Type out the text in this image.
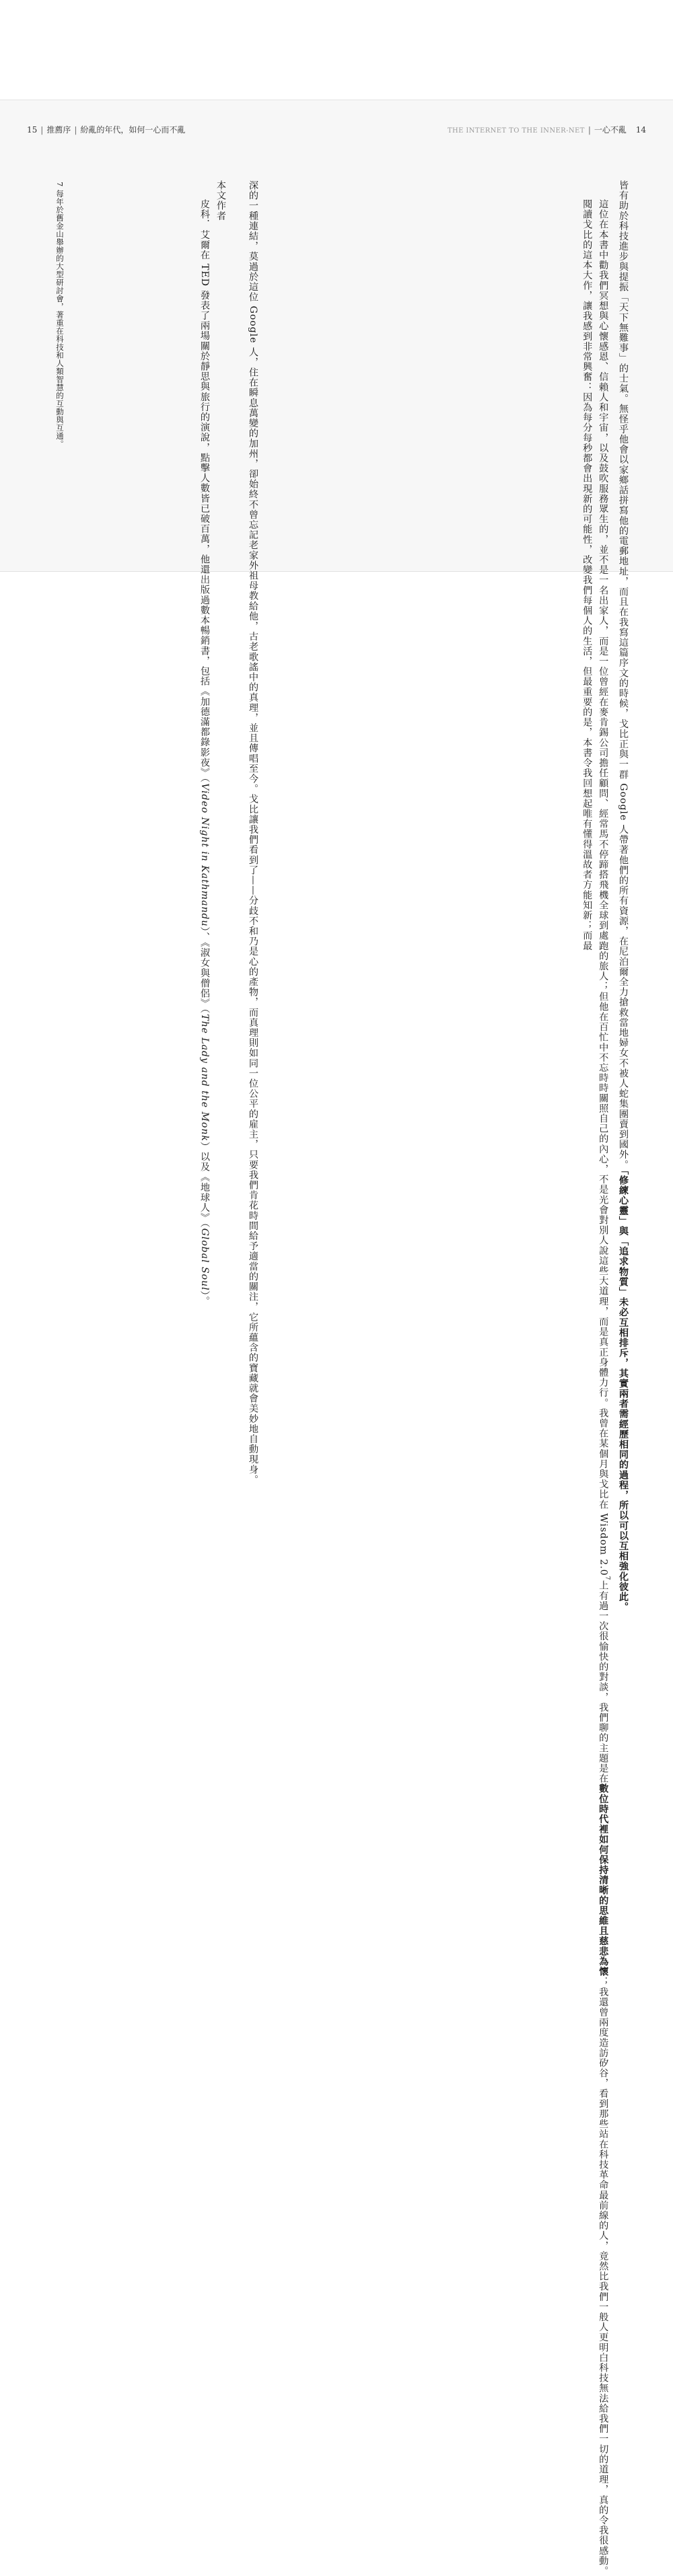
15 | 推薦序 | 紛亂的年代，如何一心而不亂	THE INTERNET TO THE INNER-NET | 一心不亂 14

皆有助於科技進步與提振「天下無難事」的士氣。無怪乎他會以家鄉話拼寫他的電郵地址，而且在我寫這篇序文的時候，戈比正與一群 Google 人帶著他們的所有資源，在尼泊爾全力搶救當地婦女不被人蛇集團賣到國外。「修練心靈」與「追求物質」未必互相排斥，其實兩者需經歷相同的過程，所以可以互相強化彼此。

這位在本書中勸我們冥想與心懷感恩、信賴人和宇宙，以及鼓吹服務眾生的，並不是一名出家人，而是一位曾經在麥肯錫公司擔任顧問、經常馬不停蹄搭飛機全球到處跑的旅人；但他在百忙中不忘時時關照自己的內心，不是光會對別人說這些大道理，而是真正身體力行。我曾在某個月與戈比在 Wisdom $2.0^7$上有過一次很愉快的對談，我們聊的主題是在數位時代裡如何保持清晰的思維且慈悲為懷；我還曾兩度造訪矽谷，看到那些站在科技革命最前線的人，竟然比我們一般人更明白科技無法給我們一切的道理，真的令我很感動。

閱讀戈比的這本大作，讓我感到非常興奮：因為每分每秒都會出現新的可能性，改變我們每個人的生活，但最重要的是，本書令我回想起唯有懂得溫故者方能知新；而最

深的一種連結，莫過於這位 Google 人，住在瞬息萬變的加州，卻始終不曾忘記老家外祖母教給他，古老歌謠中的真理，並且傳唱至今。戈比讓我們看到了——分歧不和乃是心的產物，而真理則如同一位公平的雇主，只要我們肯花時間給予適當的關注，它所蘊含的寶藏就會美妙地自動現身。

本文作者

皮科．艾爾在 TED 發表了兩場關於靜思與旅行的演說，點擊人數皆已破百萬，他還出版過數本暢銷書，包括《加德滿都錄影夜》（Video Night in Kathmandu）、《淑女與僧侶》（The Lady and the Monk）以及《地球人》（Global Soul）。

7 每年於舊金山舉辦的大型研討會，著重在科技和人類智慧的互動與互通。
